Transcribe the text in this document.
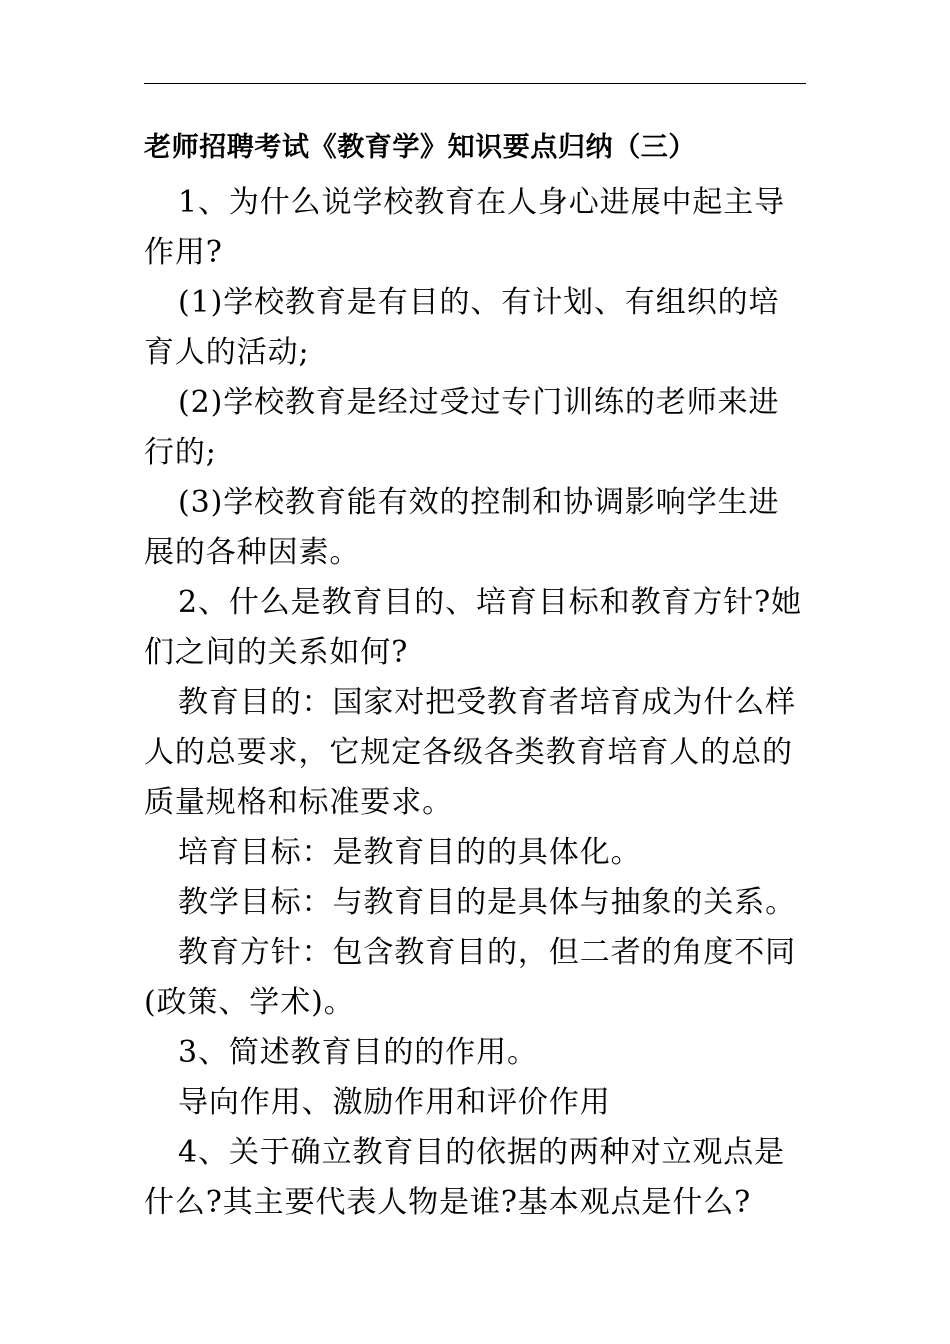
老师招聘考试《教育学》知识要点归纳（三）

1、为什么说学校教育在人身心进展中起主导作用?

(1)学校教育是有目的、有计划、有组织的培育人的活动;

(2)学校教育是经过受过专门训练的老师来进行的;

(3)学校教育能有效的控制和协调影响学生进展的各种因素。

2、什么是教育目的、培育目标和教育方针?她们之间的关系如何?

教育目的：国家对把受教育者培育成为什么样人的总要求，它规定各级各类教育培育人的总的质量规格和标准要求。

培育目标：是教育目的的具体化。

教学目标：与教育目的是具体与抽象的关系。

教育方针：包含教育目的，但二者的角度不同(政策、学术)。

3、简述教育目的的作用。

导向作用、激励作用和评价作用

4、关于确立教育目的依据的两种对立观点是什么?其主要代表人物是谁?基本观点是什么?
